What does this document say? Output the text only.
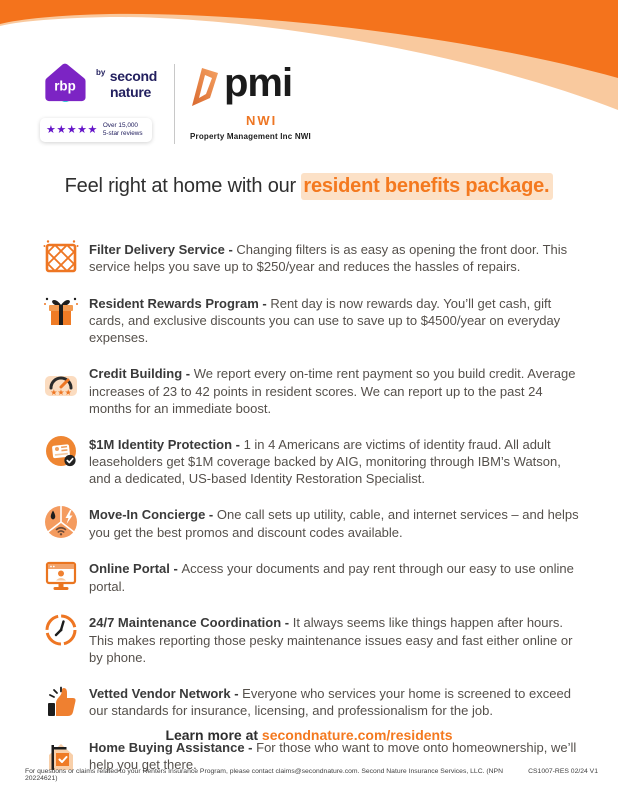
rbp
$^{by}$ second
nature
★★★★★ Over 15,000
5-star reviews
pmi
NWI
Property Management Inc NWI
Feel right at home with our resident benefits package.

Filter Delivery Service - Changing filters is as easy as opening the front door. This service helps you save up to $250/year and reduces the hassles of repairs.

Resident Rewards Program - Rent day is now rewards day. You’ll get cash, gift cards, and exclusive discounts you can use to save up to $4500/year on everyday expenses.

★★★

Credit Building - We report every on-time rent payment so you build credit. Average increases of 23 to 42 points in resident scores. We can report up to the past 24 months for an immediate boost.

$1M Identity Protection - 1 in 4 Americans are victims of identity fraud. All adult leaseholders get $1M coverage backed by AIG, monitoring through IBM’s Watson, and a dedicated, US-based Identity Restoration Specialist.

Move-In Concierge - One call sets up utility, cable, and internet services – and helps you get the best promos and discount codes available.

Online Portal - Access your documents and pay rent through our easy to use online portal.

24/7 Maintenance Coordination - It always seems like things happen after hours. This makes reporting those pesky maintenance issues easy and fast either online or by phone.

Vetted Vendor Network - Everyone who services your home is screened to exceed our standards for insurance, licensing, and professionalism for the job.

Home Buying Assistance - For those who want to move onto homeownership, we’ll help you get there.

Learn more at secondnature.com/residents
For questions or claims related to your Renters Insurance Program, please contact claims@secondnature.com. Second Nature Insurance Services, LLC. (NPN 20224621)
CS1007-RES 02/24 V1
